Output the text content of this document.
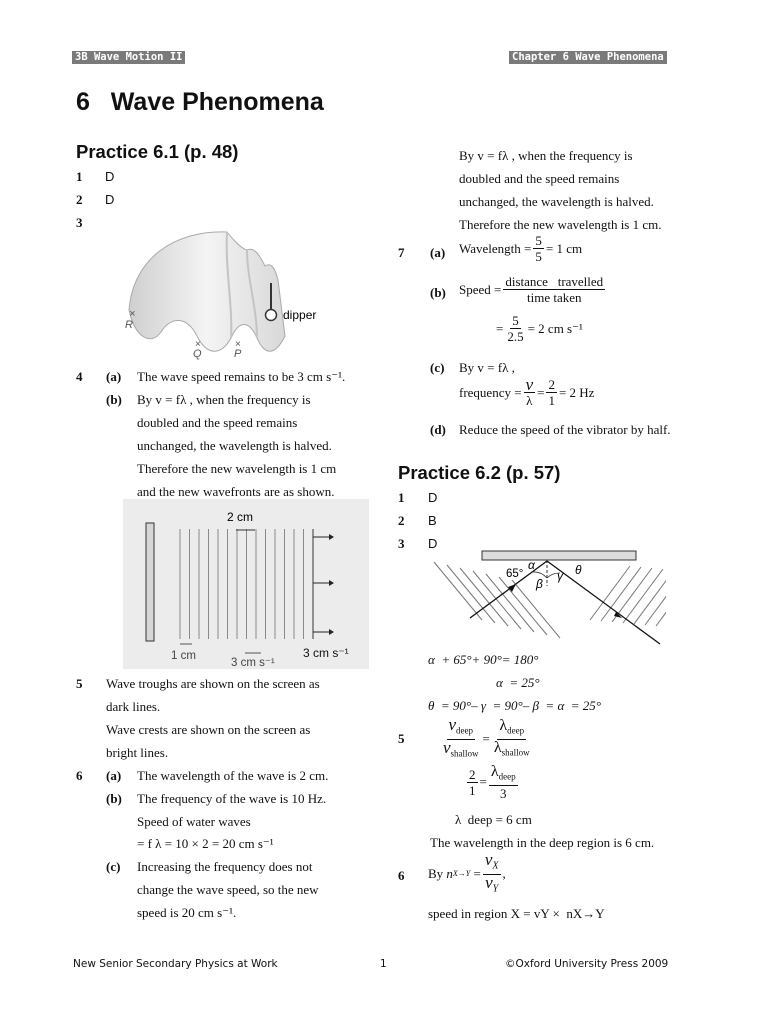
3B Wave Motion II	Chapter 6 Wave Phenomena
6   Wave Phenomena
Practice 6.1 (p. 48)
1 D
2 D
3
dipper
×
R
×
Q
×
P
4 (a) The wave speed remains to be 3 cm s⁻¹.
(b) By v = fλ , when the frequency is
doubled and the speed remains
unchanged, the wavelength is halved.
Therefore the new wavelength is 1 cm
and the new wavefronts are as shown.
2 cm
1 cm
3 cm s⁻¹
3 cm s⁻¹
5 Wave troughs are shown on the screen as
dark lines.
Wave crests are shown on the screen as
bright lines.
6 (a) The wavelength of the wave is 2 cm.
(b) The frequency of the wave is 10 Hz.
Speed of water waves
= f λ = 10 × 2 = 20 cm s⁻¹
(c) Increasing the frequency does not
change the wave speed, so the new
speed is 20 cm s⁻¹.
By v = fλ , when the frequency is
doubled and the speed remains
unchanged, the wavelength is halved.
Therefore the new wavelength is 1 cm.
7 (a) Wavelength = $\frac{5}{5} = 1$ cm
(b) Speed = $\frac{\text{distance   travelled}}{\text{time taken}}$
= $\frac{5}{2.5} = 2$ cm s⁻¹
(c) By v = fλ ,
frequency = $\frac{v}{\lambda} = \frac{2}{1} = 2$ Hz
(d) Reduce the speed of the vibrator by half.
Practice 6.2 (p. 57)
1 D
2 B
3 D
65°
α
β
γ θ
α  + 65°+ 90°= 180°
α  = 25°
θ  = 90°– γ  = 90°– β  = α  = 25°
$5 \frac{v_{deep}}{v_{shallow}} = \frac{\lambda_{deep}}{\lambda_{shallow}}$
$\frac{2}{1} = \frac{\lambda_{deep}}{3}$
λ  deep = 6 cm
The wavelength in the deep region is 6 cm.
6 By
n $X\to Y = \frac{v_X}{v_Y}$ ,
speed in region X = vY ×  nX→Y
New Senior Secondary Physics at Work	1	©Oxford University Press 2009
